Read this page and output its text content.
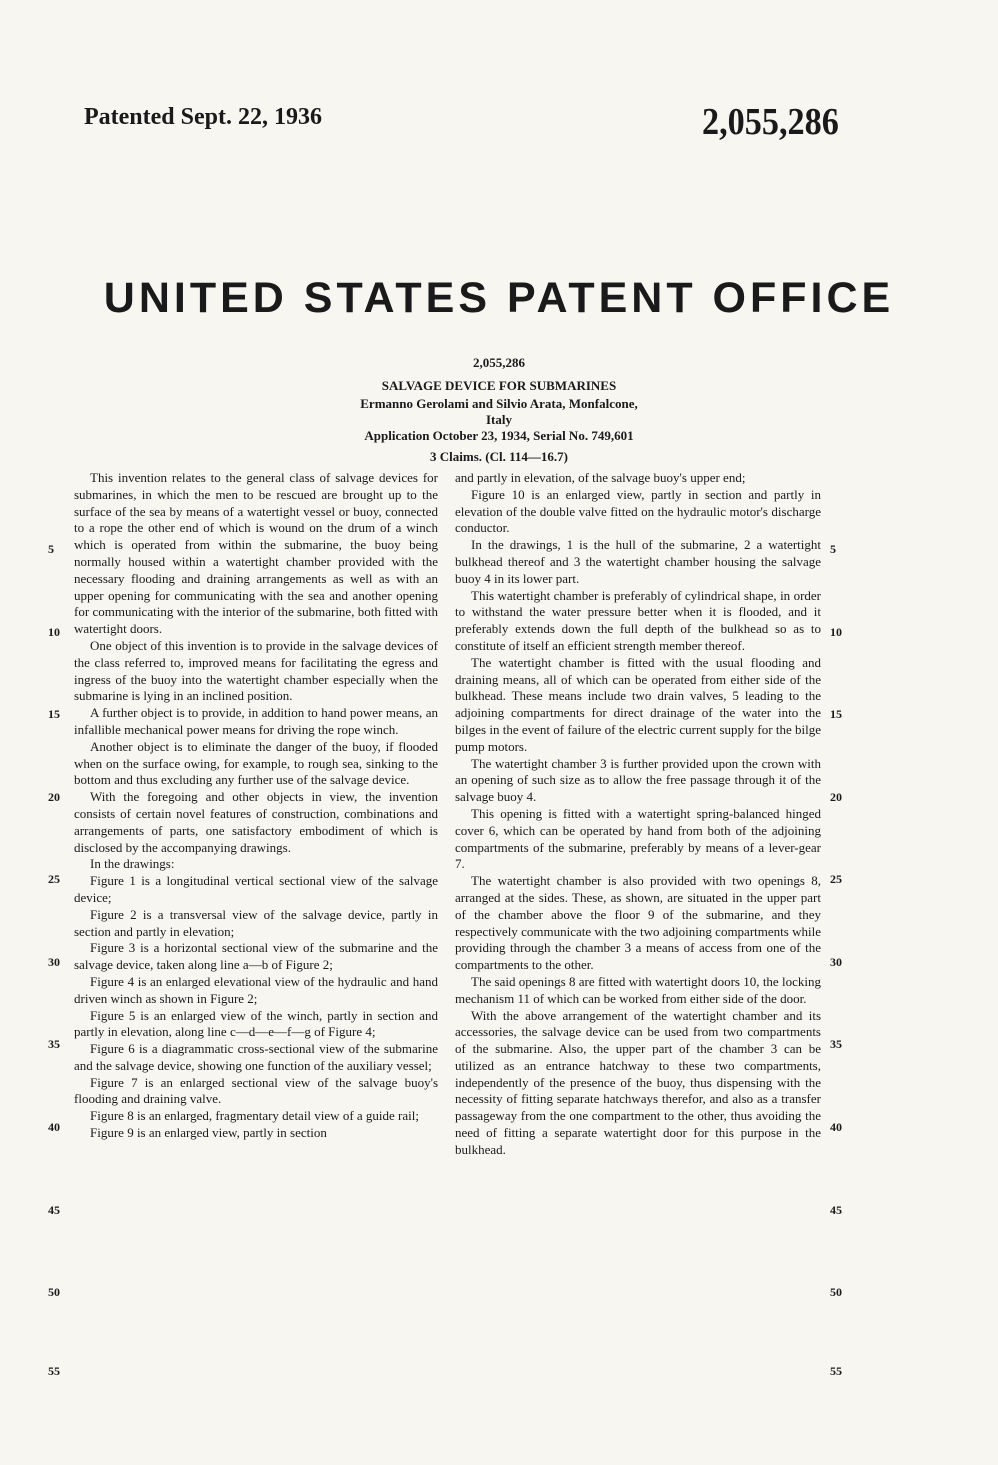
Patented Sept. 22, 1936	2,055,286
UNITED STATES PATENT OFFICE
2,055,286
SALVAGE DEVICE FOR SUBMARINES
Ermanno Gerolami and Silvio Arata, Monfalcone,
Italy
Application October 23, 1934, Serial No. 749,601
3 Claims. (Cl. 114—16.7)

This invention relates to the general class of salvage devices for submarines, in which the men to be rescued are brought up to the surface of the sea by means of a watertight vessel or buoy, connected to a rope the other end of which is wound on the drum of a winch which is operated from within the submarine, the buoy being normally housed within a watertight chamber provided with the necessary flooding and draining arrangements as well as with an upper opening for communicating with the sea and another opening for communicating with the interior of the submarine, both fitted with watertight doors.

One object of this invention is to provide in the salvage devices of the class referred to, improved means for facilitating the egress and ingress of the buoy into the watertight chamber especially when the submarine is lying in an inclined position.

A further object is to provide, in addition to hand power means, an infallible mechanical power means for driving the rope winch.

Another object is to eliminate the danger of the buoy, if flooded when on the surface owing, for example, to rough sea, sinking to the bottom and thus excluding any further use of the salvage device.

With the foregoing and other objects in view, the invention consists of certain novel features of construction, combinations and arrangements of parts, one satisfactory embodiment of which is disclosed by the accompanying drawings.

In the drawings:

Figure 1 is a longitudinal vertical sectional view of the salvage device;

Figure 2 is a transversal view of the salvage device, partly in section and partly in elevation;

Figure 3 is a horizontal sectional view of the submarine and the salvage device, taken along line a—b of Figure 2;

Figure 4 is an enlarged elevational view of the hydraulic and hand driven winch as shown in Figure 2;

Figure 5 is an enlarged view of the winch, partly in section and partly in elevation, along line c—d—e—f—g of Figure 4;

Figure 6 is a diagrammatic cross-sectional view of the submarine and the salvage device, showing one function of the auxiliary vessel;

Figure 7 is an enlarged sectional view of the salvage buoy's flooding and draining valve.

Figure 8 is an enlarged, fragmentary detail view of a guide rail;

Figure 9 is an enlarged view, partly in section

and partly in elevation, of the salvage buoy's upper end;

Figure 10 is an enlarged view, partly in section and partly in elevation of the double valve fitted on the hydraulic motor's discharge conductor.

In the drawings, 1 is the hull of the submarine, 2 a watertight bulkhead thereof and 3 the watertight chamber housing the salvage buoy 4 in its lower part.

This watertight chamber is preferably of cylindrical shape, in order to withstand the water pressure better when it is flooded, and it preferably extends down the full depth of the bulkhead so as to constitute of itself an efficient strength member thereof.

The watertight chamber is fitted with the usual flooding and draining means, all of which can be operated from either side of the bulkhead. These means include two drain valves, 5 leading to the adjoining compartments for direct drainage of the water into the bilges in the event of failure of the electric current supply for the bilge pump motors.

The watertight chamber 3 is further provided upon the crown with an opening of such size as to allow the free passage through it of the salvage buoy 4.

This opening is fitted with a watertight spring-balanced hinged cover 6, which can be operated by hand from both of the adjoining compartments of the submarine, preferably by means of a lever-gear 7.

The watertight chamber is also provided with two openings 8, arranged at the sides. These, as shown, are situated in the upper part of the chamber above the floor 9 of the submarine, and they respectively communicate with the two adjoining compartments while providing through the chamber 3 a means of access from one of the compartments to the other.

The said openings 8 are fitted with watertight doors 10, the locking mechanism 11 of which can be worked from either side of the door.

With the above arrangement of the watertight chamber and its accessories, the salvage device can be used from two compartments of the submarine. Also, the upper part of the chamber 3 can be utilized as an entrance hatchway to these two compartments, independently of the presence of the buoy, thus dispensing with the necessity of fitting separate hatchways therefor, and also as a transfer passageway from the one compartment to the other, thus avoiding the need of fitting a separate watertight door for this purpose in the bulkhead.

5
10
15
20
25
30
35
40
45
50
55
5
10
15
20
25
30
35
40
45
50
55
